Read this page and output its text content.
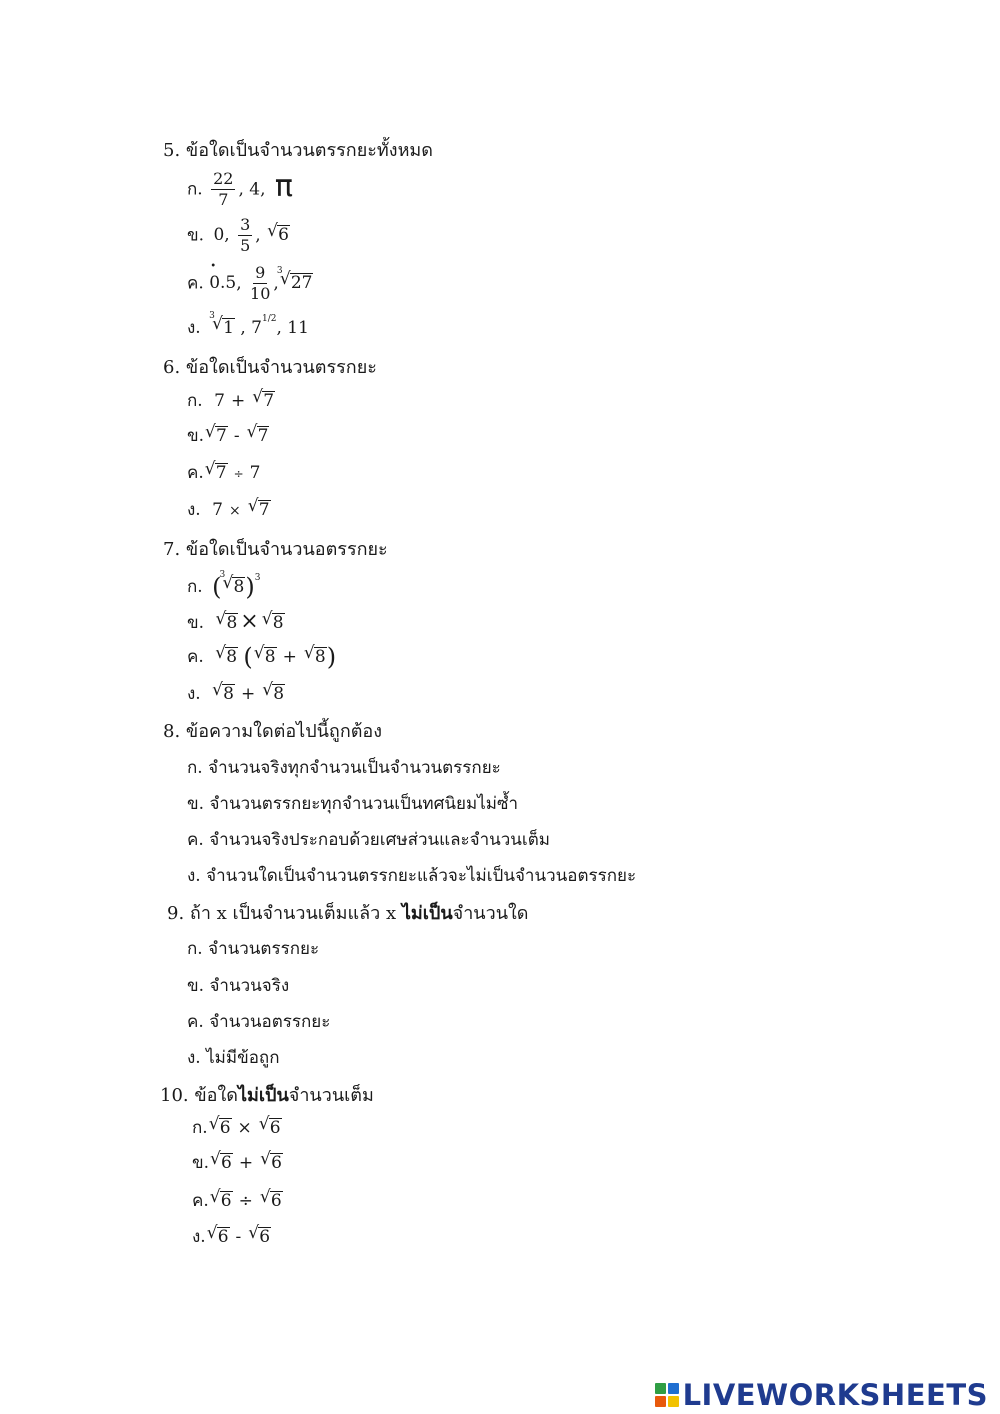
5. ข้อใดเป็นจำนวนตรรกยะทั้งหมด
ก. $\frac{22}{7}$ , 4, π
ข. 0, $\frac{3}{5}$ , √ 6
ค. 0.5 •, $\frac{9}{10}$ ,
√ 3
27
ง.
√ 3
1 , $7^{1/2}$, 11
6. ข้อใดเป็นจำนวนตรรกยะ
ก. 7 + √ 7
ข. √ 7 - √ 7
ค. √ 7 ÷ 7
ง. 7 × √ 7
7. ข้อใดเป็นจำนวนอตรรกยะ
ก. (
√ 3
8)$^3$
ข. √ 8 × √ 8
ค. √ 8 ( √ 8 + √ 8)
ง. √ 8 + √ 8
8. ข้อความใดต่อไปนี้ถูกต้อง
ก. จำนวนจริงทุกจำนวนเป็นจำนวนตรรกยะ
ข. จำนวนตรรกยะทุกจำนวนเป็นทศนิยมไม่ซ้ำ
ค. จำนวนจริงประกอบด้วยเศษส่วนและจำนวนเต็ม
ง. จำนวนใดเป็นจำนวนตรรกยะแล้วจะไม่เป็นจำนวนอตรรกยะ
9. ถ้า x เป็นจำนวนเต็มแล้ว x ไม่เป็นจำนวนใด
ก. จำนวนตรรกยะ
ข. จำนวนจริง
ค. จำนวนอตรรกยะ
ง. ไม่มีข้อถูก
10. ข้อใดไม่เป็นจำนวนเต็ม
ก. √ 6 × √ 6
ข. √ 6 + √ 6
ค. √ 6 ÷ √ 6
ง. √ 6 - √ 6
LIVEWORKSHEETS
